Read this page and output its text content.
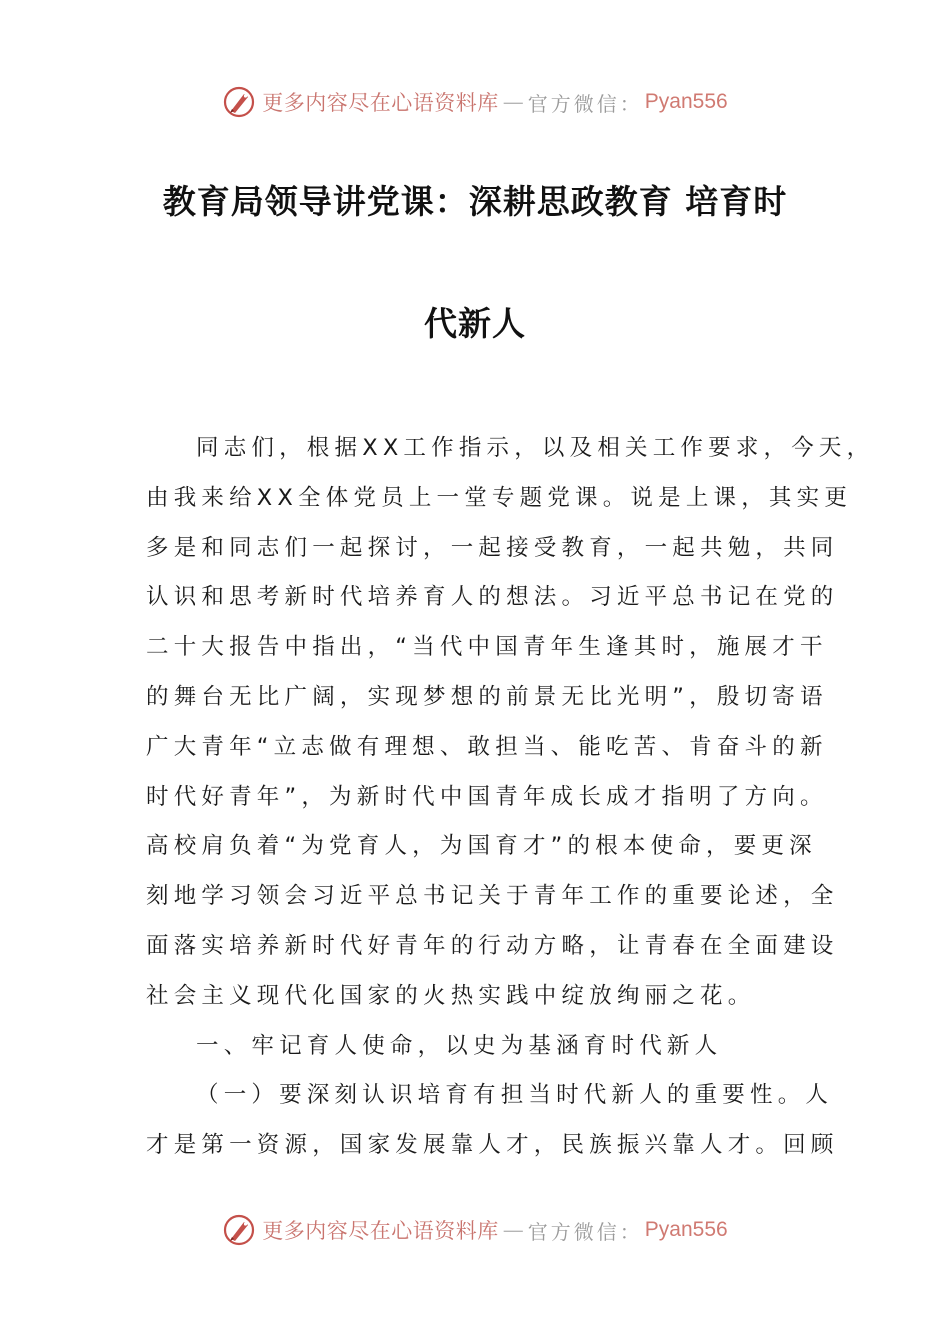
更多内容尽在心语资料库 — 官方微信： Pyan556
教育局领导讲党课：深耕思政教育 培育时
代新人
同志们，根据XX工作指示，以及相关工作要求，今天，
由我来给XX全体党员上一堂专题党课。说是上课，其实更
多是和同志们一起探讨，一起接受教育，一起共勉，共同
认识和思考新时代培养育人的想法。习近平总书记在党的
二十大报告中指出，“当代中国青年生逢其时，施展才干
的舞台无比广阔，实现梦想的前景无比光明”，殷切寄语
广大青年“立志做有理想、敢担当、能吃苦、肯奋斗的新
时代好青年”，为新时代中国青年成长成才指明了方向。
高校肩负着“为党育人，为国育才”的根本使命，要更深
刻地学习领会习近平总书记关于青年工作的重要论述，全
面落实培养新时代好青年的行动方略，让青春在全面建设
社会主义现代化国家的火热实践中绽放绚丽之花。
一、牢记育人使命，以史为基涵育时代新人
（一）要深刻认识培育有担当时代新人的重要性。人
才是第一资源，国家发展靠人才，民族振兴靠人才。回顾
更多内容尽在心语资料库 — 官方微信： Pyan556
